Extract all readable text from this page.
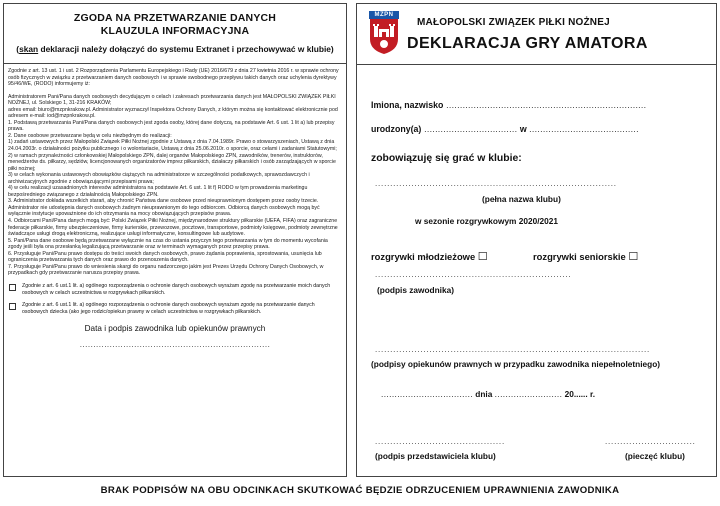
ZGODA NA PRZETWARZANIE DANYCH
KLAUZULA INFORMACYJNA
(skan deklaracji należy dołączyć do systemu Extranet i przechowywać w klubie)

Zgodnie z art. 13 ust. 1 i ust. 2 Rozporządzenia Parlamentu Europejskiego i Rady (UE) 2016/679 z dnia 27 kwietnia 2016 r. w sprawie ochrony osób fizycznych w związku z przetwarzaniem danych osobowych i w sprawie swobodnego przepływu takich danych oraz uchylenia dyrektywy 95/46/WE, (RODO) informujemy iż:

Administratorem Pani/Pana danych osobowych decydującym o celach i zakresach przetwarzania danych jest MAŁOPOLSKI ZWIĄZEK PIŁKI NOŻNEJ, ul. Solskiego 1, 31-216 KRAKÓW;

adres email: biuro@mzpnkrakow.pl. Administrator wyznaczył Inspektora Ochrony Danych, z którym można się kontaktować elektronicznie pod adresem e-mail: iod@mzpnkrakow.pl.

1. Podstawą przetwarzania Pani/Pana danych osobowych jest zgoda osoby, której dane dotyczą, na podstawie Art. 6 ust. 1 lit a) lub przepisy prawa.

2. Dane osobowe przetwarzane będą w celu niezbędnym do realizacji:

1) zadań ustawowych przez Małopolski Związek Piłki Nożnej zgodnie z Ustawą z dnia 7.04.1989r. Prawo o stowarzyszeniach, Ustawą z dnia 24.04.2003r. o działalności pożytku publicznego i o wolontariacie, Ustawą z dnia 25.06.2010r. o sporcie, oraz celami i zadaniami Statutowymi;

2) w ramach przynależności członkowskiej Małopolskiego ZPN, dalej organów Małopolskiego ZPN, zawodników, trenerów, instruktorów, menedżerów ds. piłkarzy, sędziów, licencjonowanych organizatorów imprez piłkarskich, działaczy piłkarskich i osób zarządzających w sporcie piłki nożnej;

3) w celach wykonania ustawowych obowiązków ciążących na administratorze w szczególności podatkowych, sprawozdawczych i archiwizacyjnych zgodnie z obowiązującymi przepisami prawa;

4) w celu realizacji uzasadnionych interesów administratora na podstawie Art. 6 ust. 1 lit f) RODO w tym prowadzenia marketingu bezpośredniego związanego z działalnością Małopolskiego ZPN.

3. Administrator dokłada wszelkich starań, aby chronić Państwa dane osobowe przed nieuprawnionym dostępem przez osoby trzecie. Administrator nie udostępnia danych osobowych żadnym nieuprawnionym do tego odbiorcom. Odbiorcą danych osobowych mogą być wyłącznie instytucje upoważnione do ich otrzymania na mocy obowiązujących przepisów prawa.

4. Odbiorcami Pani/Pana danych mogą być: Polski Związek Piłki Nożnej, międzynarodowe struktury piłkarskie (UEFA, FIFA) oraz zagraniczne federacje piłkarskie, firmy ubezpieczeniowe, firmy kurierskie, przewozowe, pocztowe, transportowe, podmioty księgowe, podmioty zewnętrzne świadczące usługi drogą elektroniczną, realizujące usługi informatyczne, konsultingowe lub audytowe.

5. Pani/Pana dane osobowe będą przetwarzane wyłącznie na czas do ustania przyczyn tego przetwarzania w tym do momentu wycofania zgody jeśli była ona przesłanką legalizującą przetwarzanie oraz w terminach wymaganych przez przepisy prawa.

6. Przysługuje Pani/Panu prawo dostępu do treści swoich danych osobowych, prawo żądania poprawienia, sprostowania, usunięcia lub ograniczenia przetwarzania tych danych oraz prawo do przenoszenia danych.

7. Przysługuje Pani/Panu prawo do wniesienia skargi do organu nadzorczego jakim jest Prezes Urzędu Ochrony Danych Osobowych, w przypadkach gdy przetwarzanie narusza przepisy prawa.

Zgodnie z art. 6 ust.1 lit. a) ogólnego rozporządzenia o ochronie danych osobowych wyrażam zgodę na przetwarzanie moich danych osobowych w celach uczestnictwa w rozgrywkach piłkarskich.
Zgodnie z art. 6 ust.1 lit. a) ogólnego rozporządzenia o ochronie danych osobowych wyrażam zgodę na przetwarzanie danych osobowych dziecka (ako jego rodzic/opiekun prawny w celach uczestnictwa w rozgrywkach piłkarskich.
Data i podpis zawodnika lub opiekunów prawnych
......................................................................
MZPN
MAŁOPOLSKI ZWIĄZEK PIŁKI NOŻNEJ
DEKLARACJA GRY AMATORA
Imiona, nazwisko .........................................................................
urodzony(a) .................................. w ........................................
zobowiązuję się grać w klubie:
................................................................................
(pełna nazwa klubu)
w sezonie rozgrywkowym 2020/2021
rozgrywki młodzieżowe ☐	rozgrywki seniorskie ☐
.................................................................
(podpis zawodnika)
...........................................................................................
(podpisy opiekunów prawnych w przypadku zawodnika niepełnoletniego)
.................................. dnia ......................... 20...... r.
...........................................	..............................
(podpis przedstawiciela klubu)	(pieczęć klubu)
BRAK PODPISÓW NA OBU ODCINKACH SKUTKOWAĆ BĘDZIE ODRZUCENIEM UPRAWNIENIA ZAWODNIKA
